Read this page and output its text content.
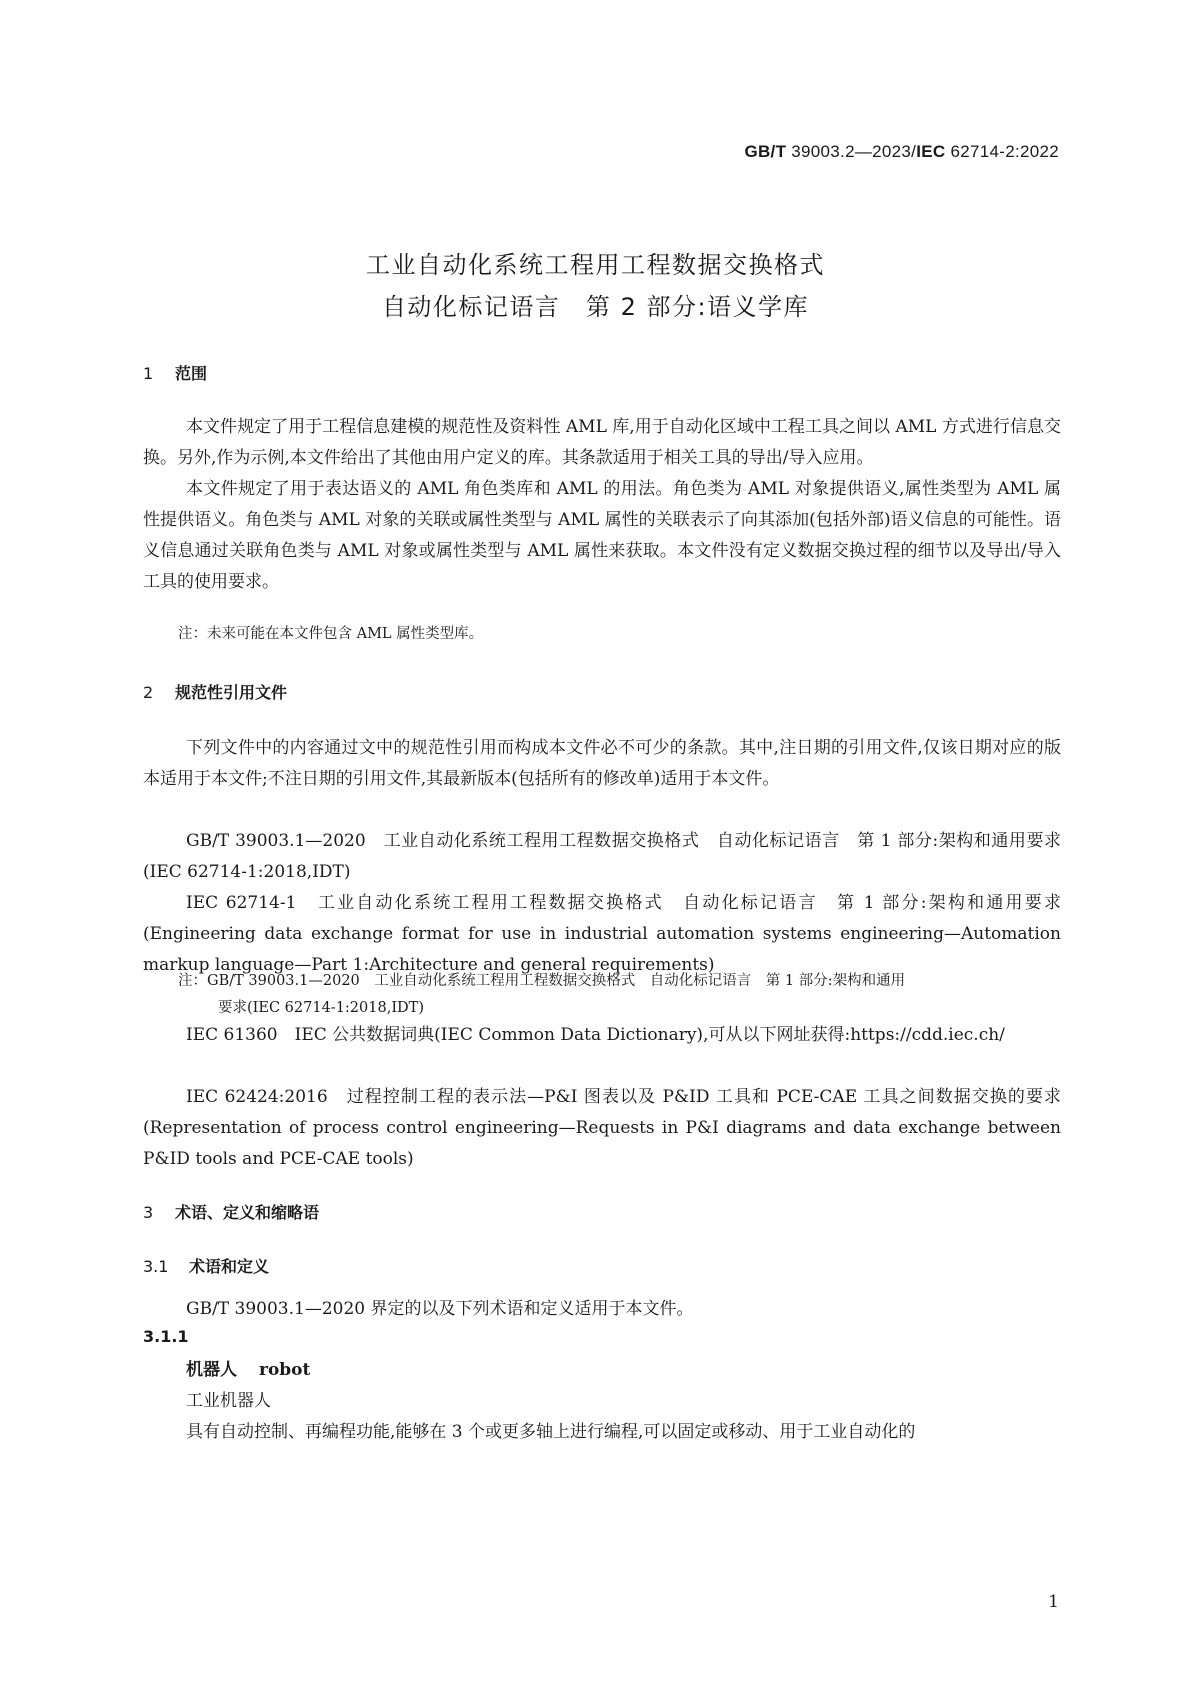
GB/T 39003.2—2023/IEC 62714-2:2022
工业自动化系统工程用工程数据交换格式
自动化标记语言　第 2 部分:语义学库
1 范围

本文件规定了用于工程信息建模的规范性及资料性 AML 库,用于自动化区域中工程工具之间以 AML 方式进行信息交换。另外,作为示例,本文件给出了其他由用户定义的库。其条款适用于相关工具的导出/导入应用。

本文件规定了用于表达语义的 AML 角色类库和 AML 的用法。角色类为 AML 对象提供语义,属性类型为 AML 属性提供语义。角色类与 AML 对象的关联或属性类型与 AML 属性的关联表示了向其添加(包括外部)语义信息的可能性。语义信息通过关联角色类与 AML 对象或属性类型与 AML 属性来获取。本文件没有定义数据交换过程的细节以及导出/导入工具的使用要求。

注：未来可能在本文件包含 AML 属性类型库。
2 规范性引用文件

下列文件中的内容通过文中的规范性引用而构成本文件必不可少的条款。其中,注日期的引用文件,仅该日期对应的版本适用于本文件;不注日期的引用文件,其最新版本(包括所有的修改单)适用于本文件。

GB/T 39003.1—2020　工业自动化系统工程用工程数据交换格式　自动化标记语言　第 1 部分:架构和通用要求(IEC 62714-1:2018,IDT)
IEC 62714-1　工业自动化系统工程用工程数据交换格式　自动化标记语言　第 1 部分:架构和通用要求(Engineering data exchange format for use in industrial automation systems engineering—Automation markup language—Part 1:Architecture and general requirements)
注：GB/T 39003.1—2020　工业自动化系统工程用工程数据交换格式　自动化标记语言　第 1 部分:架构和通用
要求(IEC 62714-1:2018,IDT)
IEC 61360　IEC 公共数据词典(IEC Common Data Dictionary),可从以下网址获得:https://cdd.iec.ch/
IEC 62424:2016　过程控制工程的表示法—P&I 图表以及 P&ID 工具和 PCE-CAE 工具之间数据交换的要求(Representation of process control engineering—Requests in P&I diagrams and data exchange between P&ID tools and PCE-CAE tools)
3 术语、定义和缩略语
3.1 术语和定义
GB/T 39003.1—2020 界定的以及下列术语和定义适用于本文件。
3.1.1
机器人 robot
工业机器人
具有自动控制、再编程功能,能够在 3 个或更多轴上进行编程,可以固定或移动、用于工业自动化的
1
